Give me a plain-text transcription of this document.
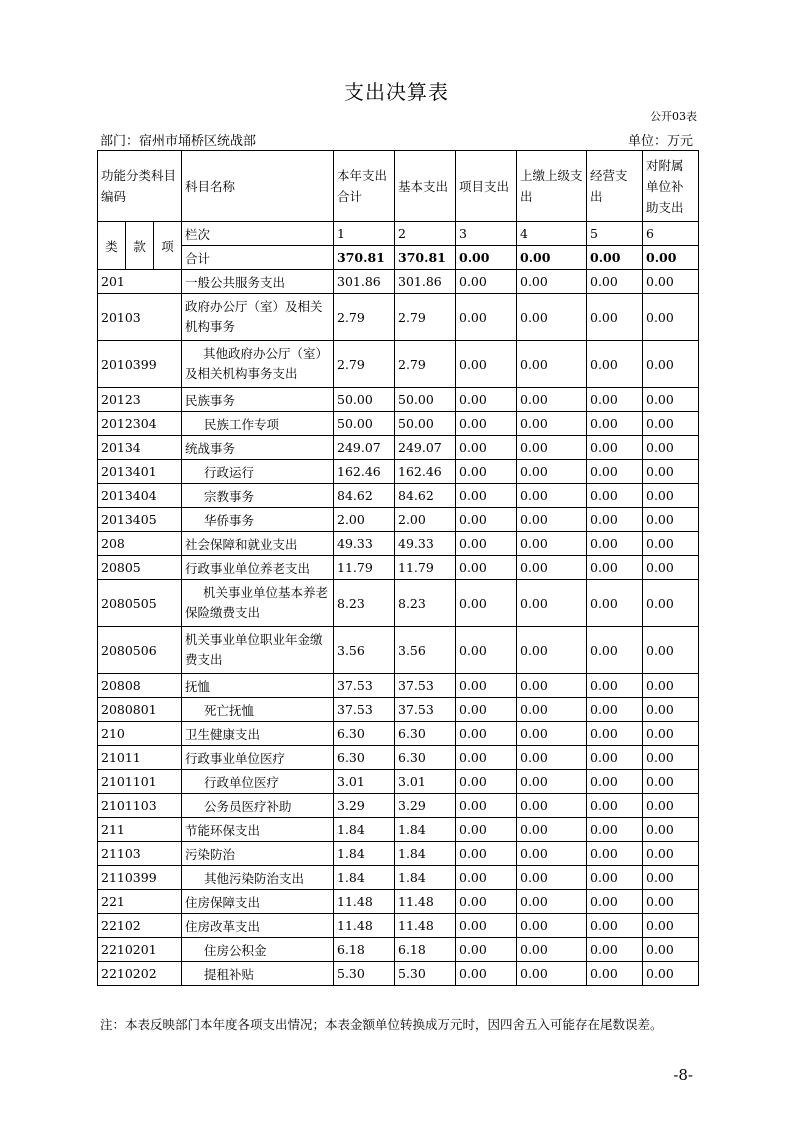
支出决算表
公开03表
部门：宿州市埇桥区统战部	单位：万元
功能分类科目编码			科目名称	本年支出合计	基本支出	项目支出	上缴上级支出	经营支出	对附属单位补助支出
类	款	项	栏次	1	2	3	4	5	6
			合计	370.81	370.81	0.00	0.00	0.00	0.00
201			一般公共服务支出	301.86	301.86	0.00	0.00	0.00	0.00
20103			政府办公厅（室）及相关机构事务	2.79	2.79	0.00	0.00	0.00	0.00
2010399			其他政府办公厅（室）及相关机构事务支出	2.79	2.79	0.00	0.00	0.00	0.00
20123			民族事务	50.00	50.00	0.00	0.00	0.00	0.00
2012304			民族工作专项	50.00	50.00	0.00	0.00	0.00	0.00
20134			统战事务	249.07	249.07	0.00	0.00	0.00	0.00
2013401			行政运行	162.46	162.46	0.00	0.00	0.00	0.00
2013404			宗教事务	84.62	84.62	0.00	0.00	0.00	0.00
2013405			华侨事务	2.00	2.00	0.00	0.00	0.00	0.00
208			社会保障和就业支出	49.33	49.33	0.00	0.00	0.00	0.00
20805			行政事业单位养老支出	11.79	11.79	0.00	0.00	0.00	0.00
2080505			机关事业单位基本养老保险缴费支出	8.23	8.23	0.00	0.00	0.00	0.00
2080506			机关事业单位职业年金缴费支出	3.56	3.56	0.00	0.00	0.00	0.00
20808			抚恤	37.53	37.53	0.00	0.00	0.00	0.00
2080801			死亡抚恤	37.53	37.53	0.00	0.00	0.00	0.00
210			卫生健康支出	6.30	6.30	0.00	0.00	0.00	0.00
21011			行政事业单位医疗	6.30	6.30	0.00	0.00	0.00	0.00
2101101			行政单位医疗	3.01	3.01	0.00	0.00	0.00	0.00
2101103			公务员医疗补助	3.29	3.29	0.00	0.00	0.00	0.00
211			节能环保支出	1.84	1.84	0.00	0.00	0.00	0.00
21103			污染防治	1.84	1.84	0.00	0.00	0.00	0.00
2110399			其他污染防治支出	1.84	1.84	0.00	0.00	0.00	0.00
221			住房保障支出	11.48	11.48	0.00	0.00	0.00	0.00
22102			住房改革支出	11.48	11.48	0.00	0.00	0.00	0.00
2210201			住房公积金	6.18	6.18	0.00	0.00	0.00	0.00
2210202			提租补贴	5.30	5.30	0.00	0.00	0.00	0.00
注：本表反映部门本年度各项支出情况；本表金额单位转换成万元时，因四舍五入可能存在尾数误差。
-8-
